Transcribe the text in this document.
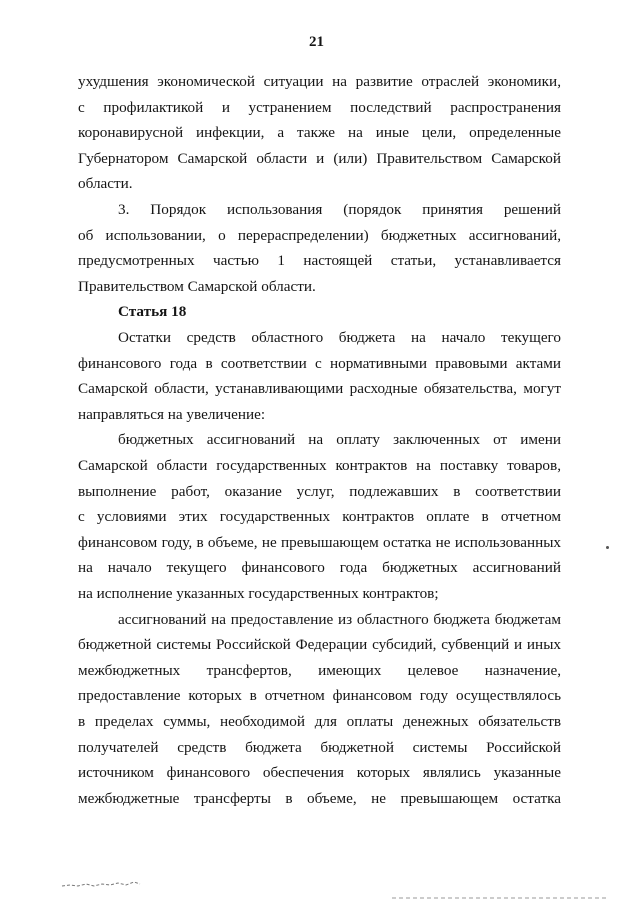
21
ухудшения экономической ситуации на развитие отраслей экономики,
с профилактикой и устранением последствий распространения
коронавирусной инфекции, а также на иные цели, определенные
Губернатором Самарской области и (или) Правительством Самарской
области.
3. Порядок использования (порядок принятия решений
об использовании, о перераспределении) бюджетных ассигнований,
предусмотренных частью 1 настоящей статьи, устанавливается
Правительством Самарской области.
Статья 18
Остатки средств областного бюджета на начало текущего
финансового года в соответствии с нормативными правовыми актами
Самарской области, устанавливающими расходные обязательства, могут
направляться на увеличение:
бюджетных ассигнований на оплату заключенных от имени
Самарской области государственных контрактов на поставку товаров,
выполнение работ, оказание услуг, подлежавших в соответствии
с условиями этих государственных контрактов оплате в отчетном
финансовом году, в объеме, не превышающем остатка не использованных
на начало текущего финансового года бюджетных ассигнований
на исполнение указанных государственных контрактов;
ассигнований на предоставление из областного бюджета бюджетам
бюджетной системы Российской Федерации субсидий, субвенций и иных
межбюджетных трансфертов, имеющих целевое назначение,
предоставление которых в отчетном финансовом году осуществлялось
в пределах суммы, необходимой для оплаты денежных обязательств
получателей средств бюджета бюджетной системы Российской
источником финансового обеспечения которых являлись указанные
межбюджетные трансферты в объеме, не превышающем остатка
